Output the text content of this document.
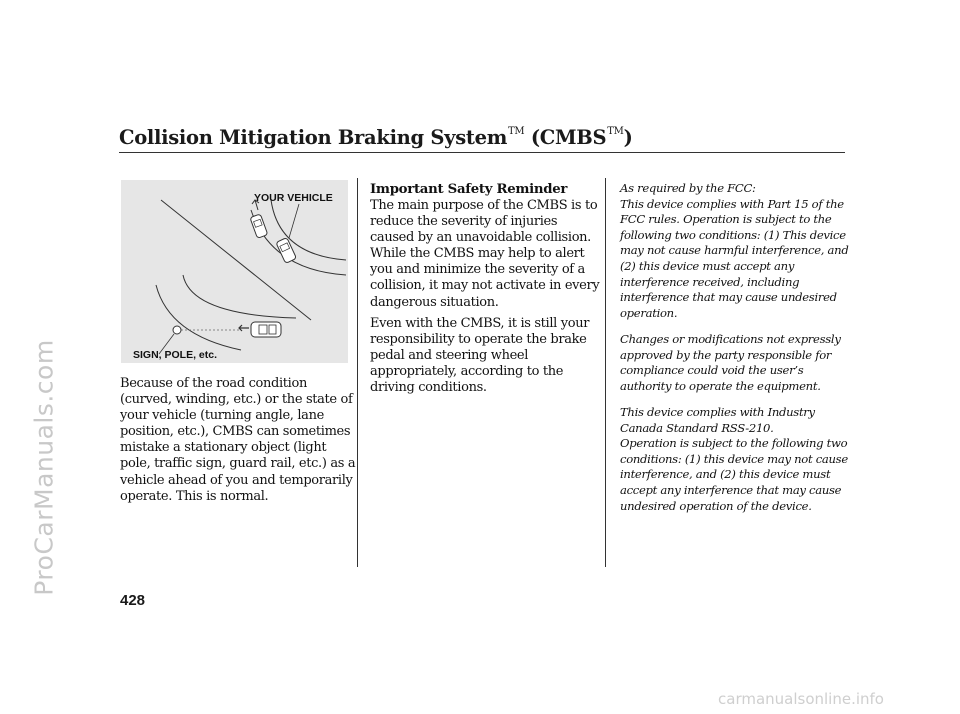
ProCarManuals.com
Collision Mitigation Braking System™ (CMBS™)
YOUR VEHICLE
SIGN, POLE, etc.
Because of the road condition
(curved, winding, etc.) or the state of
your vehicle (turning angle, lane
position, etc.), CMBS can sometimes
mistake a stationary object (light
pole, traffic sign, guard rail, etc.) as a
vehicle ahead of you and temporarily
operate. This is normal.
Important Safety Reminder
The main purpose of the CMBS is to
reduce the severity of injuries
caused by an unavoidable collision.
While the CMBS may help to alert
you and minimize the severity of a
collision, it may not activate in every
dangerous situation.
Even with the CMBS, it is still your
responsibility to operate the brake
pedal and steering wheel
appropriately, according to the
driving conditions.
As required by the FCC:
This device complies with Part 15 of the
FCC rules. Operation is subject to the
following two conditions: (1) This device
may not cause harmful interference, and
(2) this device must accept any
interference received, including
interference that may cause undesired
operation.
Changes or modifications not expressly
approved by the party responsible for
compliance could void the user’s
authority to operate the equipment.
This device complies with Industry
Canada Standard RSS-210.
Operation is subject to the following two
conditions: (1) this device may not cause
interference, and (2) this device must
accept any interference that may cause
undesired operation of the device.
428
carmanualsonline.info
